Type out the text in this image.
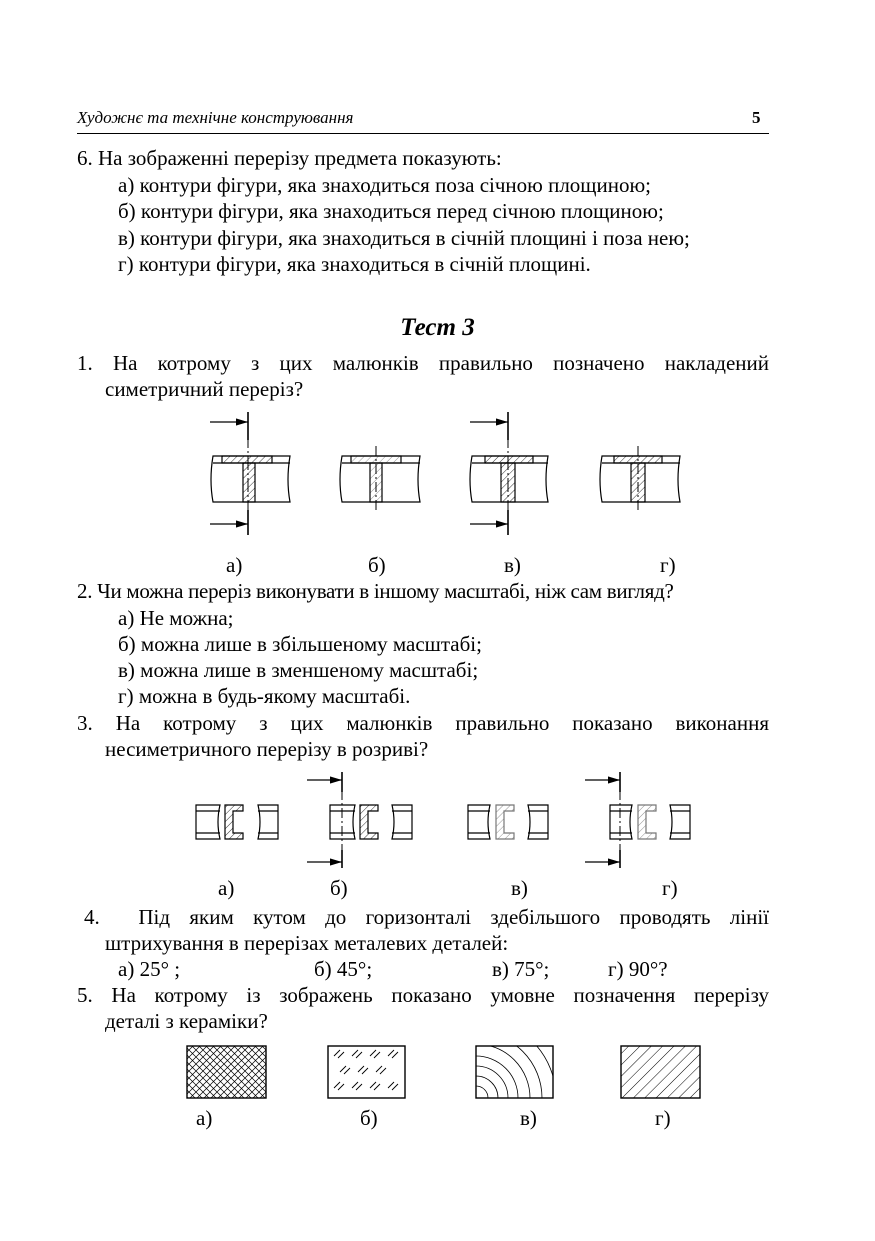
Художнє та технічне конструювання	5
6. На зображенні перерізу предмета показують:
а) контури фігури, яка знаходиться поза січною площиною;
б) контури фігури, яка знаходиться перед січною площиною;
в) контури фігури, яка знаходиться в січній площині і поза нею;
г) контури фігури, яка знаходиться в січній площині.
Тест 3
1. На котрому з цих малюнків правильно позначено накладений
симетричний переріз?
а)	б)	в)	г)
2. Чи можна переріз виконувати в іншому масштабі, ніж сам вигляд?
а) Не можна;
б) можна лише в збільшеному масштабі;
в) можна лише в зменшеному масштабі;
г) можна в будь-якому масштабі.
3. На котрому з цих малюнків правильно показано виконання
несиметричного перерізу в розриві?
а)	б)	в)	г)
4.  Під яким кутом до горизонталі здебільшого проводять лінії
штрихування в перерізах металевих деталей:
а) 25° ;	б) 45°;	в) 75°;	г) 90°?
5. На котрому із зображень показано умовне позначення перерізу
деталі з кераміки?
а)	б)	в)	г)
